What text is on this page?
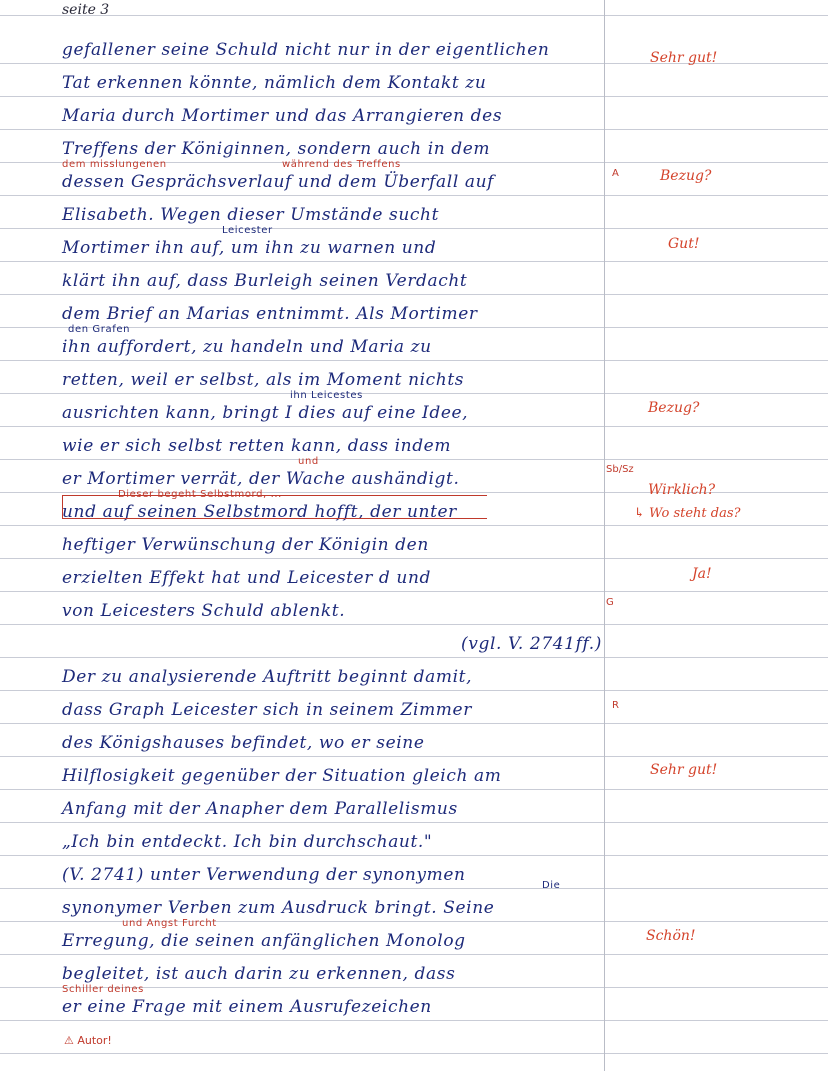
seite 3
gefallener seine Schuld nicht nur in der eigentlichen
Tat erkennen könnte, nämlich dem Kontakt zu
Maria durch Mortimer und das Arrangieren des
Treffens der Königinnen, sondern auch in dem
dem misslungenen	während des Treffens
dessen Gesprächsverlauf und dem Überfall auf
Elisabeth. Wegen dieser Umstände sucht
Leicester
Mortimer ihn auf, um ihn zu warnen und
klärt ihn auf, dass Burleigh seinen Verdacht
dem Brief an Marias entnimmt. Als Mortimer
den Grafen
ihn auffordert, zu handeln und Maria zu
retten, weil er selbst, als im Moment nichts
ihn Leicestes
ausrichten kann, bringt I dies auf eine Idee,
wie er sich selbst retten kann, dass indem
und
er Mortimer verrät, der Wache aushändigt.
Dieser begeht Selbstmord, ...
und auf seinen Selbstmord hofft, der unter
heftiger Verwünschung der Königin den
erzielten Effekt hat und Leicester d und
von Leicesters Schuld ablenkt.
(vgl. V. 2741ff.)
Der zu analysierende Auftritt beginnt damit,
dass Graph Leicester sich in seinem Zimmer
des Königshauses befindet, wo er seine
Hilflosigkeit gegenüber der Situation gleich am
Anfang mit der Anapher dem Parallelismus
„Ich bin entdeckt. Ich bin durchschaut."
Die
(V. 2741) unter Verwendung der synonymen
synonymer Verben zum Ausdruck bringt. Seine
und Angst Furcht
Erregung, die seinen anfänglichen Monolog
begleitet, ist auch darin zu erkennen, dass
Schiller deines
er eine Frage mit einem Ausrufezeichen
A
Sb/Sz
G
R
⚠ Autor!
Sehr gut!
Bezug?
Gut!
Bezug?
Wirklich?
↳ Wo steht das?
Ja!
Sehr gut!
Schön!
